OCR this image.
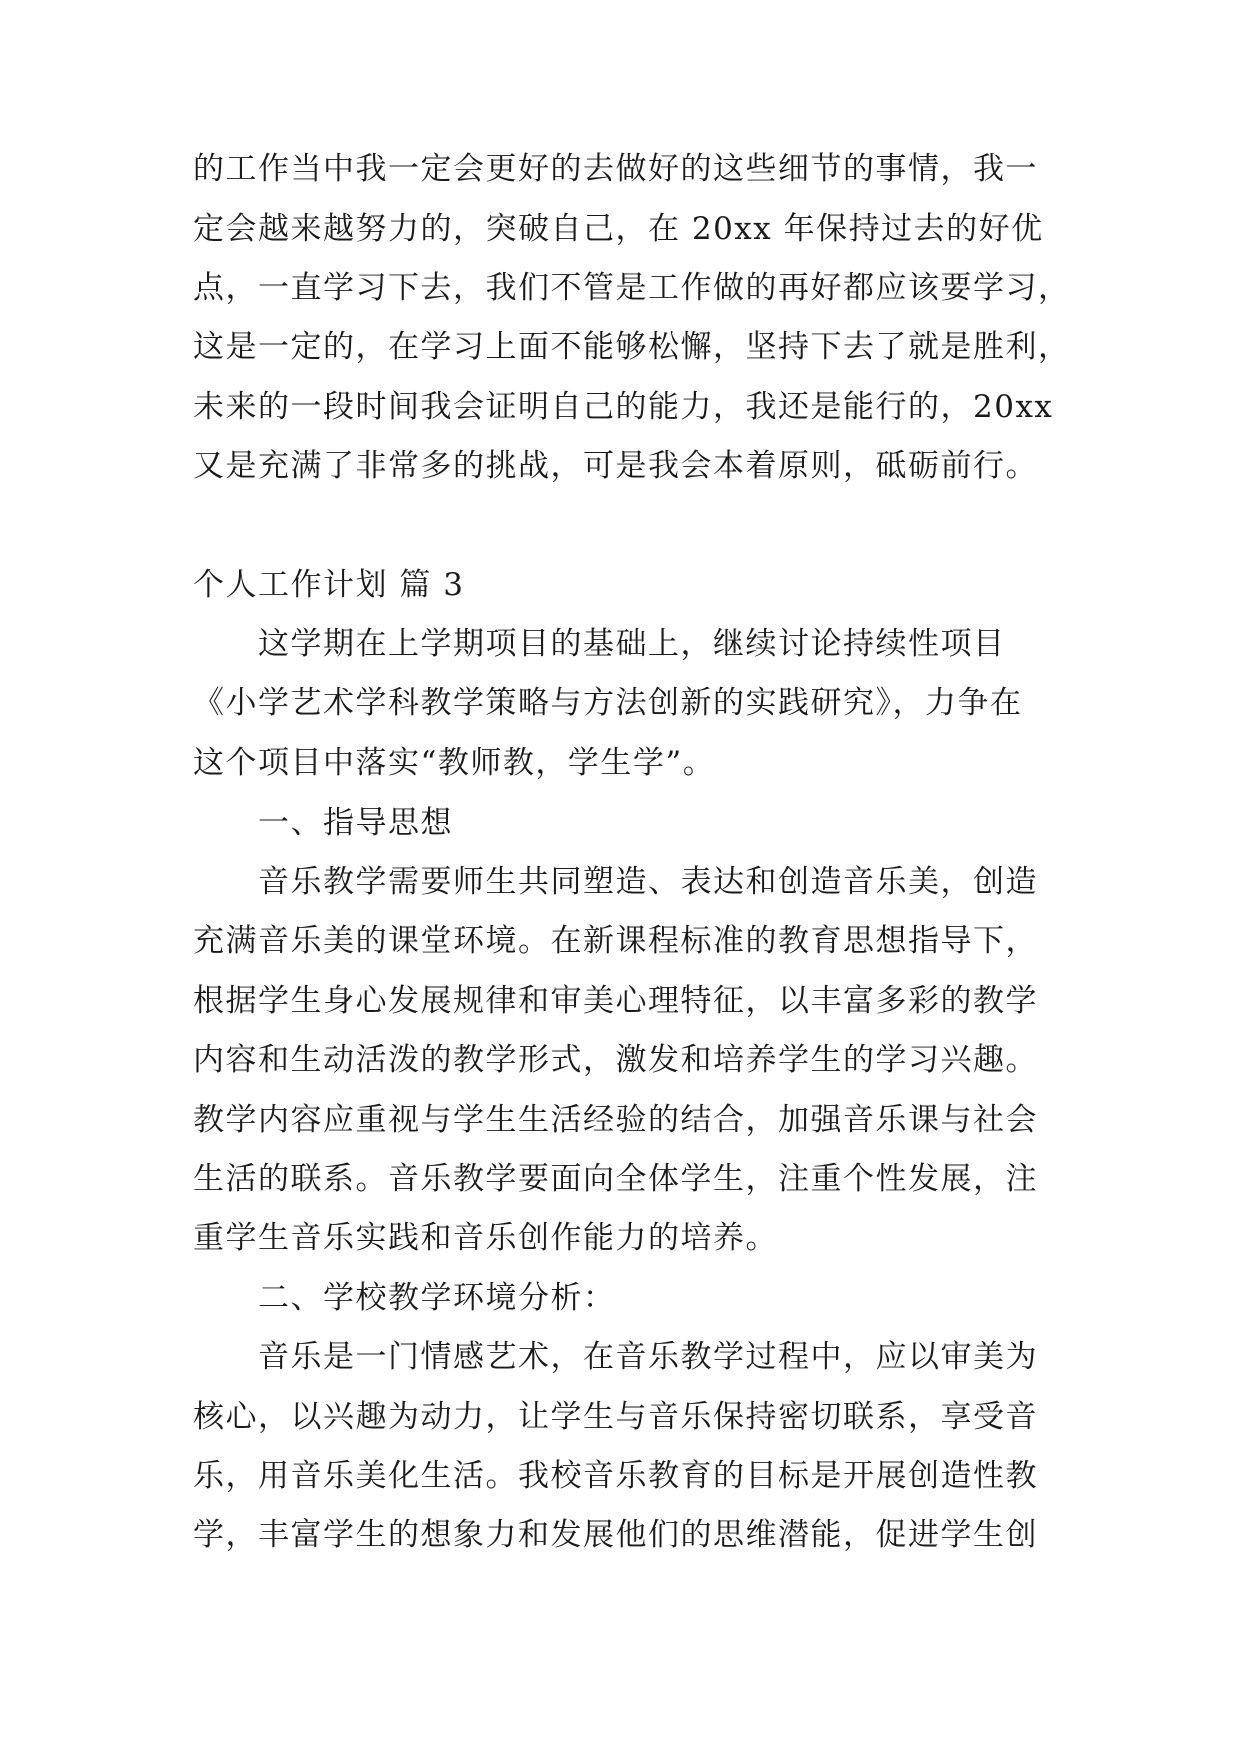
的工作当中我一定会更好的去做好的这些细节的事情，我一
定会越来越努力的，突破自己，在 20xx 年保持过去的好优
点，一直学习下去，我们不管是工作做的再好都应该要学习，
这是一定的，在学习上面不能够松懈，坚持下去了就是胜利，
未来的一段时间我会证明自己的能力，我还是能行的，20xx
又是充满了非常多的挑战，可是我会本着原则，砥砺前行。
个人工作计划 篇 3
这学期在上学期项目的基础上，继续讨论持续性项目
《小学艺术学科教学策略与方法创新的实践研究》，力争在
这个项目中落实“教师教，学生学”。
一、指导思想
音乐教学需要师生共同塑造、表达和创造音乐美，创造
充满音乐美的课堂环境。在新课程标准的教育思想指导下，
根据学生身心发展规律和审美心理特征，以丰富多彩的教学
内容和生动活泼的教学形式，激发和培养学生的学习兴趣。
教学内容应重视与学生生活经验的结合，加强音乐课与社会
生活的联系。音乐教学要面向全体学生，注重个性发展，注
重学生音乐实践和音乐创作能力的培养。
二、学校教学环境分析：
音乐是一门情感艺术，在音乐教学过程中，应以审美为
核心，以兴趣为动力，让学生与音乐保持密切联系，享受音
乐，用音乐美化生活。我校音乐教育的目标是开展创造性教
学，丰富学生的想象力和发展他们的思维潜能，促进学生创
